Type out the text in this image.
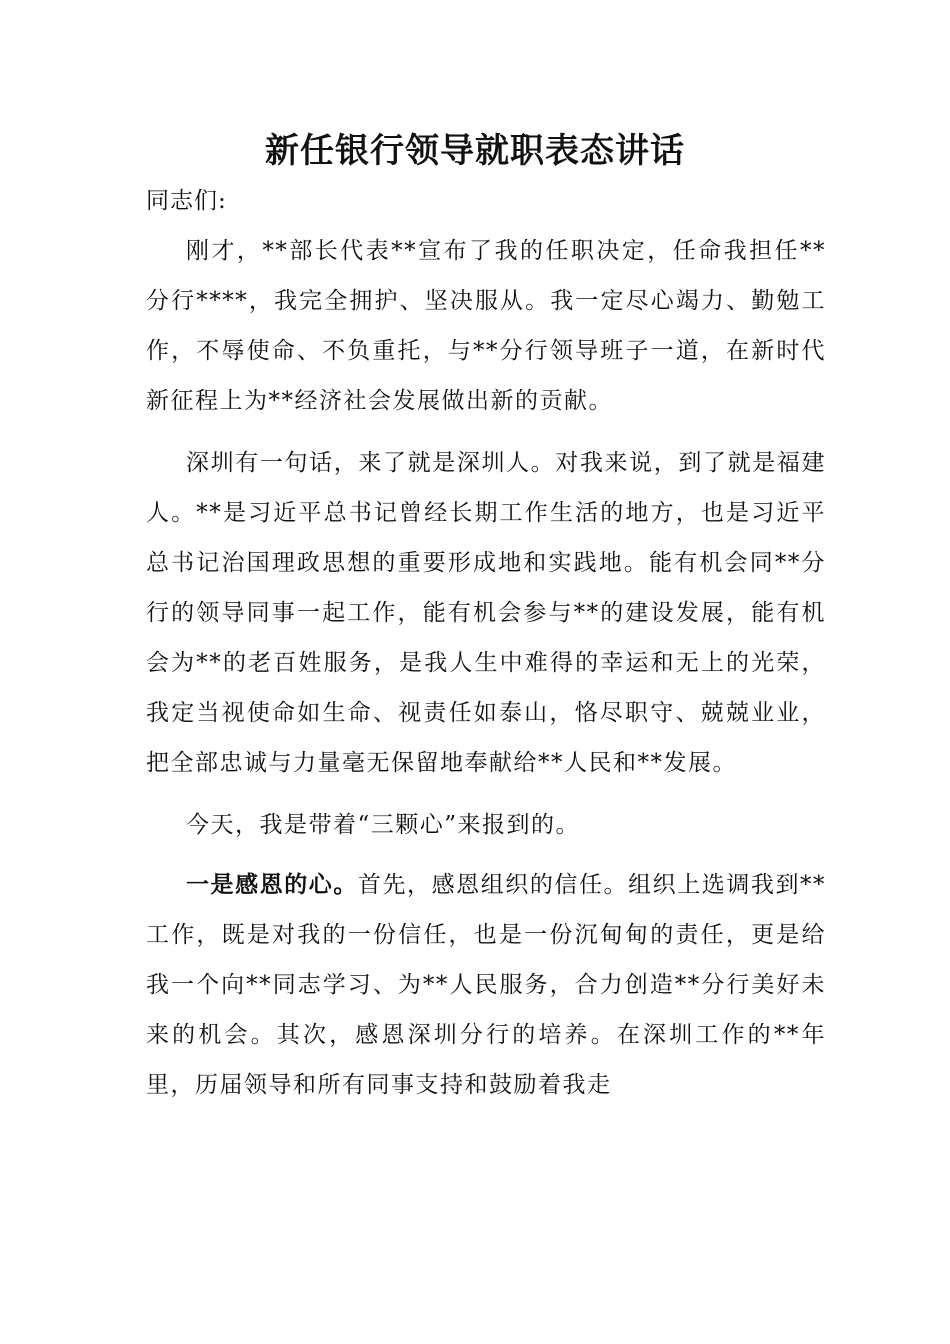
新任银行领导就职表态讲话

同志们:

刚才，**部长代表**宣布了我的任职决定，任命我担任**分行****，我完全拥护、坚决服从。我一定尽心竭力、勤勉工作，不辱使命、不负重托，与**分行领导班子一道，在新时代新征程上为**经济社会发展做出新的贡献。

深圳有一句话，来了就是深圳人。对我来说，到了就是福建人。**是习近平总书记曾经长期工作生活的地方，也是习近平总书记治国理政思想的重要形成地和实践地。能有机会同**分行的领导同事一起工作，能有机会参与**的建设发展，能有机会为**的老百姓服务，是我人生中难得的幸运和无上的光荣，我定当视使命如生命、视责任如泰山，恪尽职守、兢兢业业，把全部忠诚与力量毫无保留地奉献给**人民和**发展。

今天，我是带着“三颗心”来报到的。

一是感恩的心。首先，感恩组织的信任。组织上选调我到**工作，既是对我的一份信任，也是一份沉甸甸的责任，更是给我一个向**同志学习、为**人民服务，合力创造**分行美好未来的机会。其次，感恩深圳分行的培养。在深圳工作的**年里，历届领导和所有同事支持和鼓励着我走
